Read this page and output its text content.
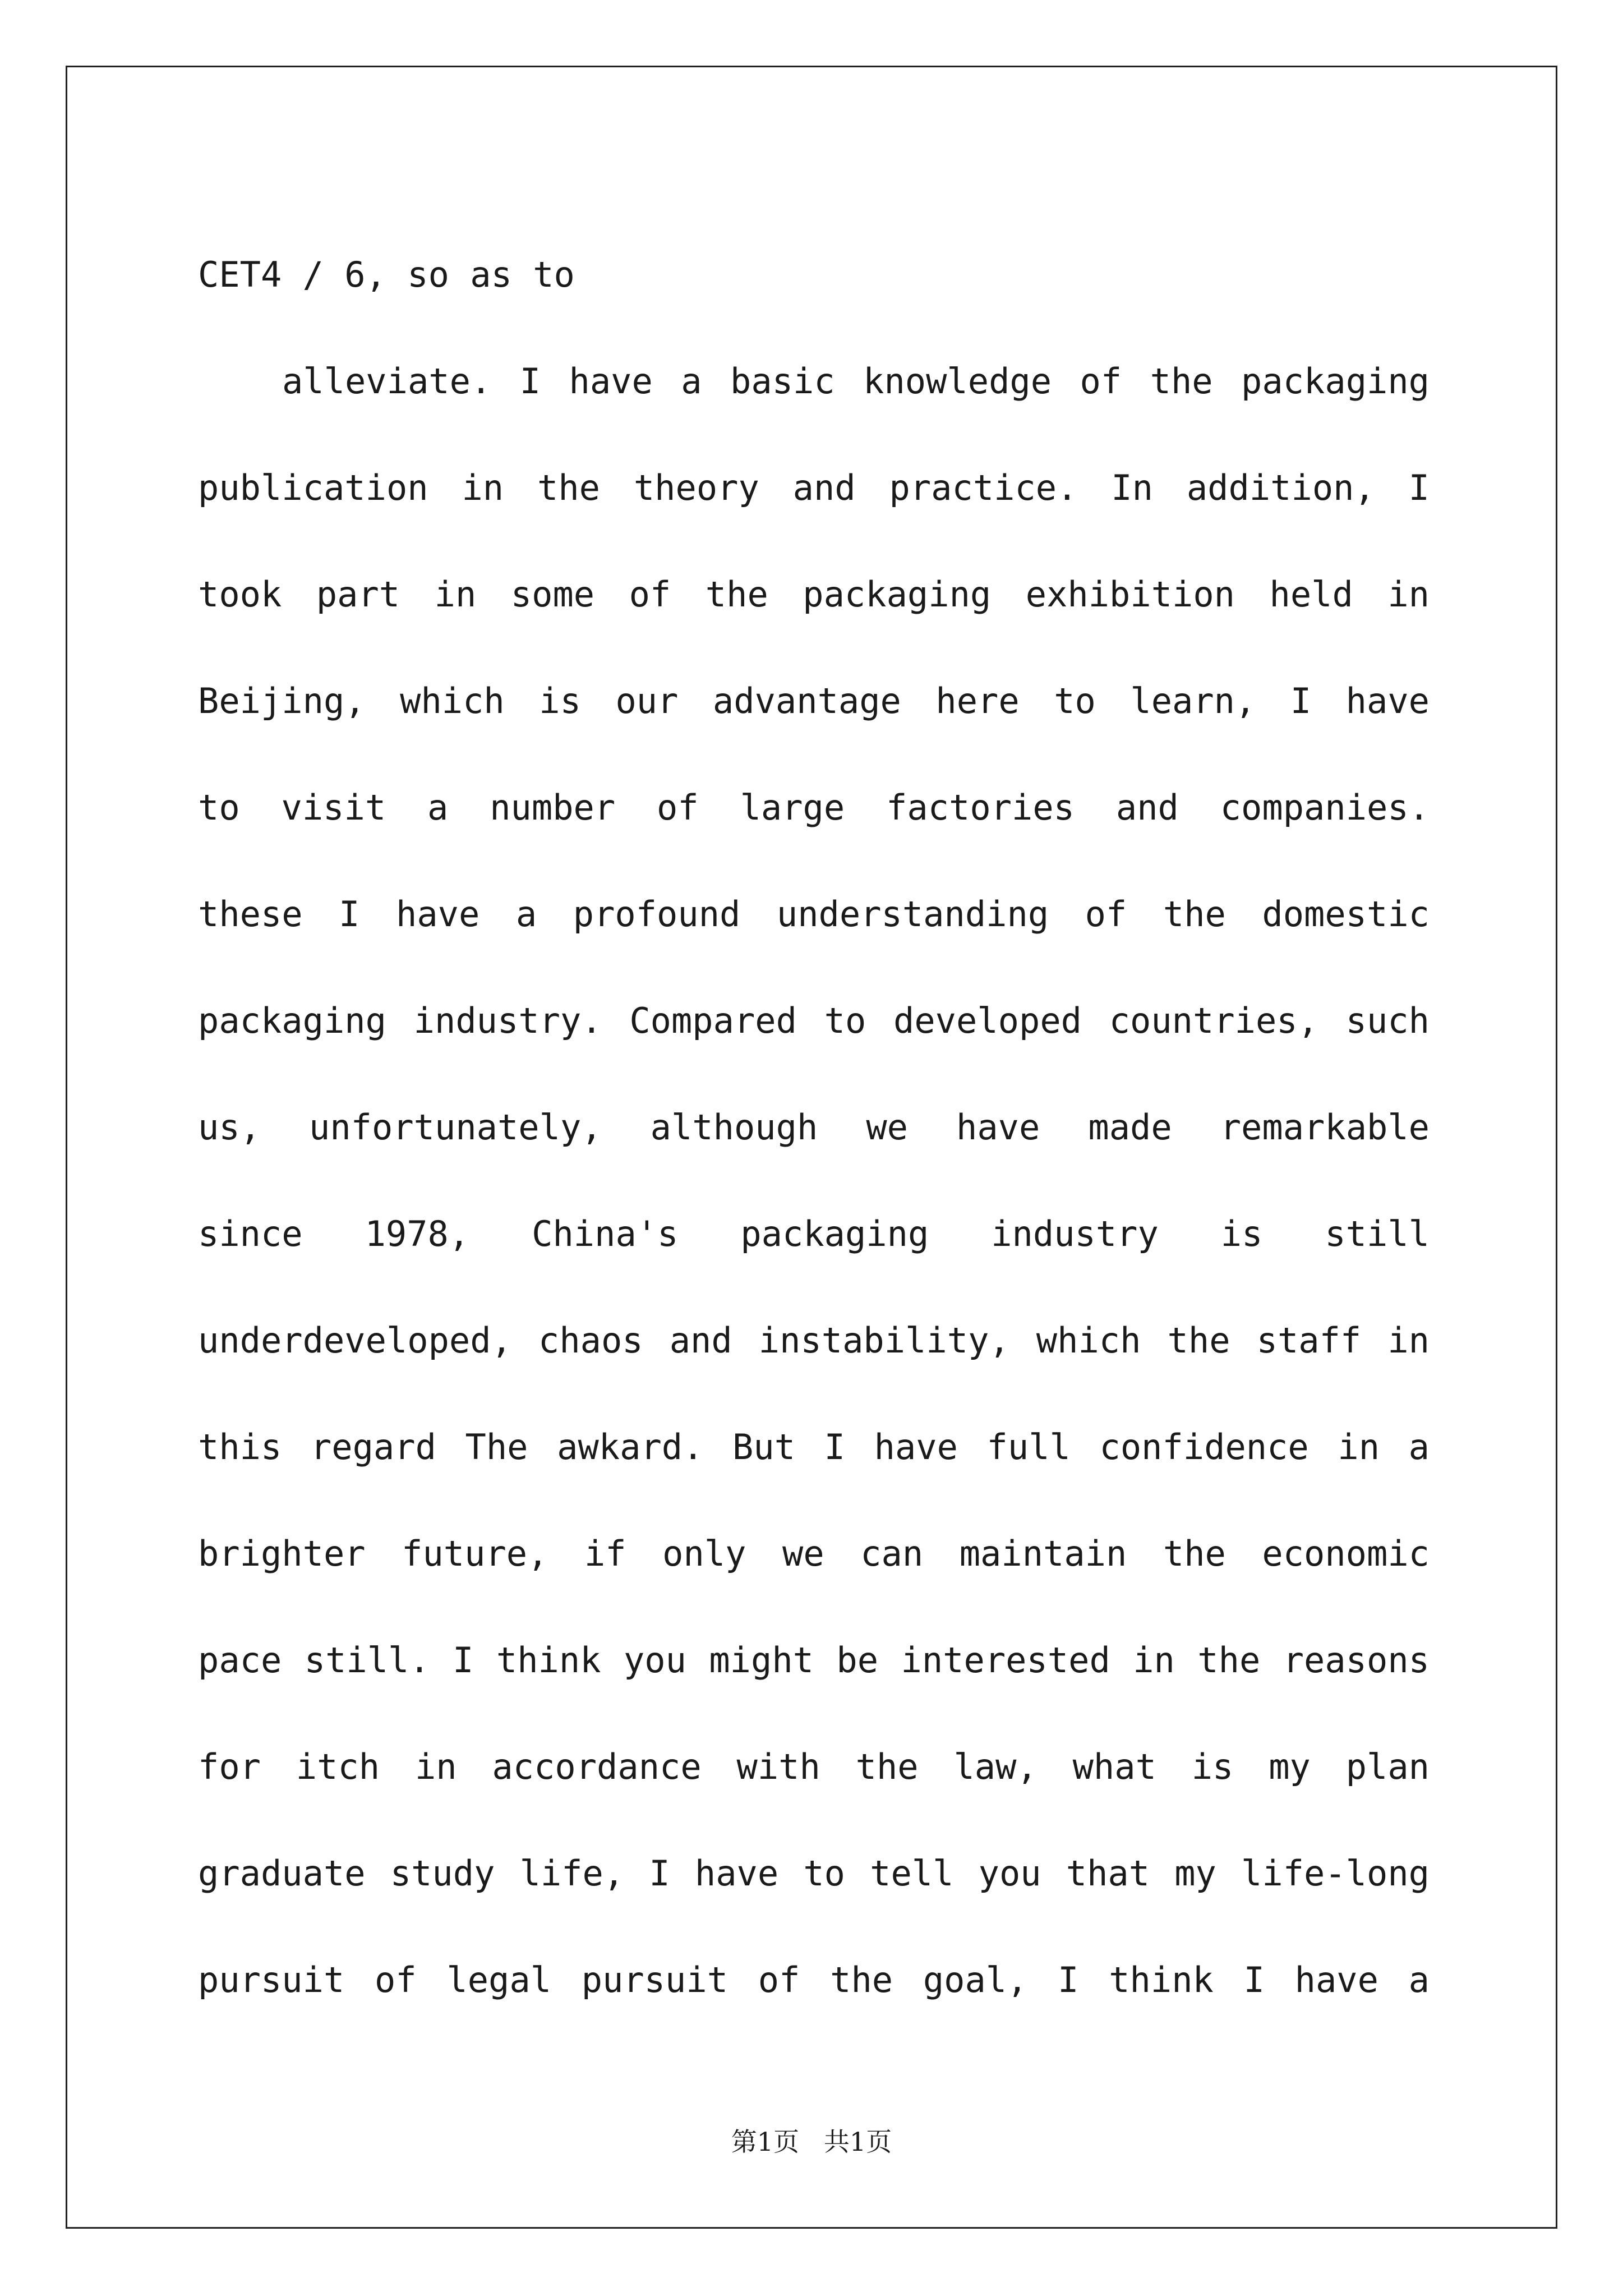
CET4 / 6, so as to
alleviate. I have a basic knowledge of the packaging
publication in the theory and practice. In addition, I
took part in some of the packaging exhibition held in
Beijing, which is our advantage here to learn, I have
to visit a number of large factories and companies.
these I have a profound understanding of the domestic
packaging industry. Compared to developed countries, such
us, unfortunately, although we have made remarkable
since 1978, China's packaging industry is still
underdeveloped, chaos and instability, which the staff in
this regard The awkard. But I have full confidence in a
brighter future, if only we can maintain the economic
pace still. I think you might be interested in the reasons
for itch in accordance with the law, what is my plan
graduate study life, I have to tell you that my life-long
pursuit of legal pursuit of the goal, I think I have a
第1页   共1页
